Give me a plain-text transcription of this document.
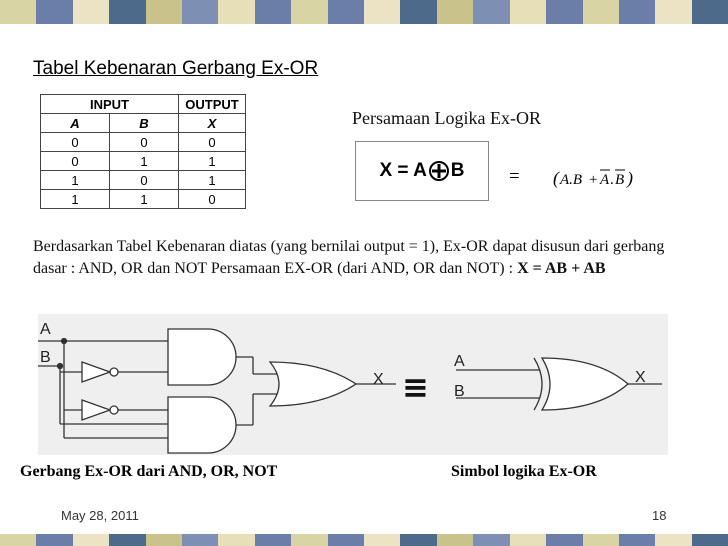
Tabel Kebenaran Gerbang Ex-OR
INPUT		OUTPUT
A	B	X
0	0	0
0	1	1
1	0	1
1	1	0
Persamaan Logika Ex-OR
X = A B = ( A.B + A . B )
Berdasarkan Tabel Kebenaran diatas (yang bernilai output = 1), Ex-OR dapat disusun dari gerbang dasar : AND, OR dan NOT Persamaan EX-OR (dari AND, OR dan NOT) : X = AB + AB
A
B
X ≡
A
B
X
Gerbang Ex-OR dari AND, OR, NOT	Simbol logika Ex-OR
May 28, 2011	18
